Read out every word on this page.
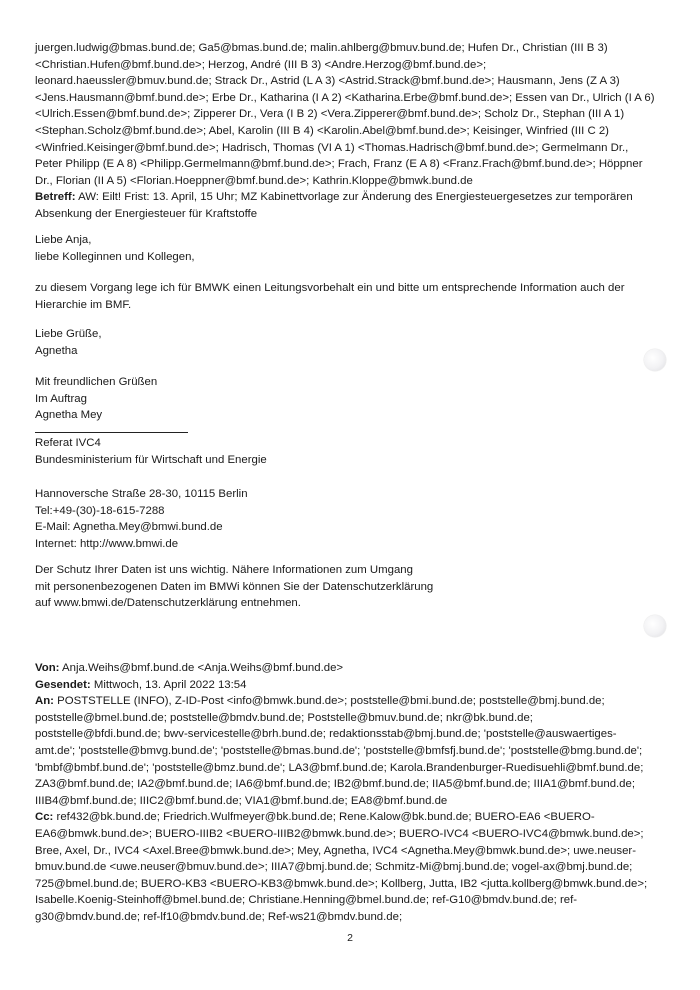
juergen.ludwig@bmas.bund.de; Ga5@bmas.bund.de; malin.ahlberg@bmuv.bund.de; Hufen Dr., Christian (III B 3) <Christian.Hufen@bmf.bund.de>; Herzog, André (III B 3) <Andre.Herzog@bmf.bund.de>; leonard.haeussler@bmuv.bund.de; Strack Dr., Astrid (L A 3) <Astrid.Strack@bmf.bund.de>; Hausmann, Jens (Z A 3) <Jens.Hausmann@bmf.bund.de>; Erbe Dr., Katharina (I A 2) <Katharina.Erbe@bmf.bund.de>; Essen van Dr., Ulrich (I A 6) <Ulrich.Essen@bmf.bund.de>; Zipperer Dr., Vera (I B 2) <Vera.Zipperer@bmf.bund.de>; Scholz Dr., Stephan (III A 1) <Stephan.Scholz@bmf.bund.de>; Abel, Karolin (III B 4) <Karolin.Abel@bmf.bund.de>; Keisinger, Winfried (III C 2) <Winfried.Keisinger@bmf.bund.de>; Hadrisch, Thomas (VI A 1) <Thomas.Hadrisch@bmf.bund.de>; Germelmann Dr., Peter Philipp (E A 8) <Philipp.Germelmann@bmf.bund.de>; Frach, Franz (E A 8) <Franz.Frach@bmf.bund.de>; Höppner Dr., Florian (II A 5) <Florian.Hoeppner@bmf.bund.de>; Kathrin.Kloppe@bmwk.bund.de

Betreff: AW: Eilt! Frist: 13. April, 15 Uhr; MZ Kabinettvorlage zur Änderung des Energiesteuergesetzes zur temporären Absenkung der Energiesteuer für Kraftstoffe

Liebe Anja,

liebe Kolleginnen und Kollegen,

zu diesem Vorgang lege ich für BMWK einen Leitungsvorbehalt ein und bitte um entsprechende Information auch der Hierarchie im BMF.

Liebe Grüße,

Agnetha

Mit freundlichen Grüßen

Im Auftrag

Agnetha Mey

Referat IVC4

Bundesministerium für Wirtschaft und Energie

Hannoversche Straße 28-30, 10115 Berlin

Tel:+49-(30)-18-615-7288

E-Mail: Agnetha.Mey@bmwi.bund.de

Internet: http://www.bmwi.de

Der Schutz Ihrer Daten ist uns wichtig. Nähere Informationen zum Umgang

mit personenbezogenen Daten im BMWi können Sie der Datenschutzerklärung

auf www.bmwi.de/Datenschutzerklärung entnehmen.

Von: Anja.Weihs@bmf.bund.de <Anja.Weihs@bmf.bund.de>

Gesendet: Mittwoch, 13. April 2022 13:54

An: POSTSTELLE (INFO), Z-ID-Post <info@bmwk.bund.de>; poststelle@bmi.bund.de; poststelle@bmj.bund.de; poststelle@bmel.bund.de; poststelle@bmdv.bund.de; Poststelle@bmuv.bund.de; nkr@bk.bund.de; poststelle@bfdi.bund.de; bwv-servicestelle@brh.bund.de; redaktionsstab@bmj.bund.de; 'poststelle@auswaertiges-amt.de'; 'poststelle@bmvg.bund.de'; 'poststelle@bmas.bund.de'; 'poststelle@bmfsfj.bund.de'; 'poststelle@bmg.bund.de'; 'bmbf@bmbf.bund.de'; 'poststelle@bmz.bund.de'; LA3@bmf.bund.de; Karola.Brandenburger-Ruedisuehli@bmf.bund.de; ZA3@bmf.bund.de; IA2@bmf.bund.de; IA6@bmf.bund.de; IB2@bmf.bund.de; IIA5@bmf.bund.de; IIIA1@bmf.bund.de; IIIB4@bmf.bund.de; IIIC2@bmf.bund.de; VIA1@bmf.bund.de; EA8@bmf.bund.de

Cc: ref432@bk.bund.de; Friedrich.Wulfmeyer@bk.bund.de; Rene.Kalow@bk.bund.de; BUERO-EA6 <BUERO-EA6@bmwk.bund.de>; BUERO-IIIB2 <BUERO-IIIB2@bmwk.bund.de>; BUERO-IVC4 <BUERO-IVC4@bmwk.bund.de>; Bree, Axel, Dr., IVC4 <Axel.Bree@bmwk.bund.de>; Mey, Agnetha, IVC4 <Agnetha.Mey@bmwk.bund.de>; uwe.neuser-bmuv.bund.de <uwe.neuser@bmuv.bund.de>; IIIA7@bmj.bund.de; Schmitz-Mi@bmj.bund.de; vogel-ax@bmj.bund.de; 725@bmel.bund.de; BUERO-KB3 <BUERO-KB3@bmwk.bund.de>; Kollberg, Jutta, IB2 <jutta.kollberg@bmwk.bund.de>; Isabelle.Koenig-Steinhoff@bmel.bund.de; Christiane.Henning@bmel.bund.de; ref-G10@bmdv.bund.de; ref-g30@bmdv.bund.de; ref-lf10@bmdv.bund.de; Ref-ws21@bmdv.bund.de;

2
